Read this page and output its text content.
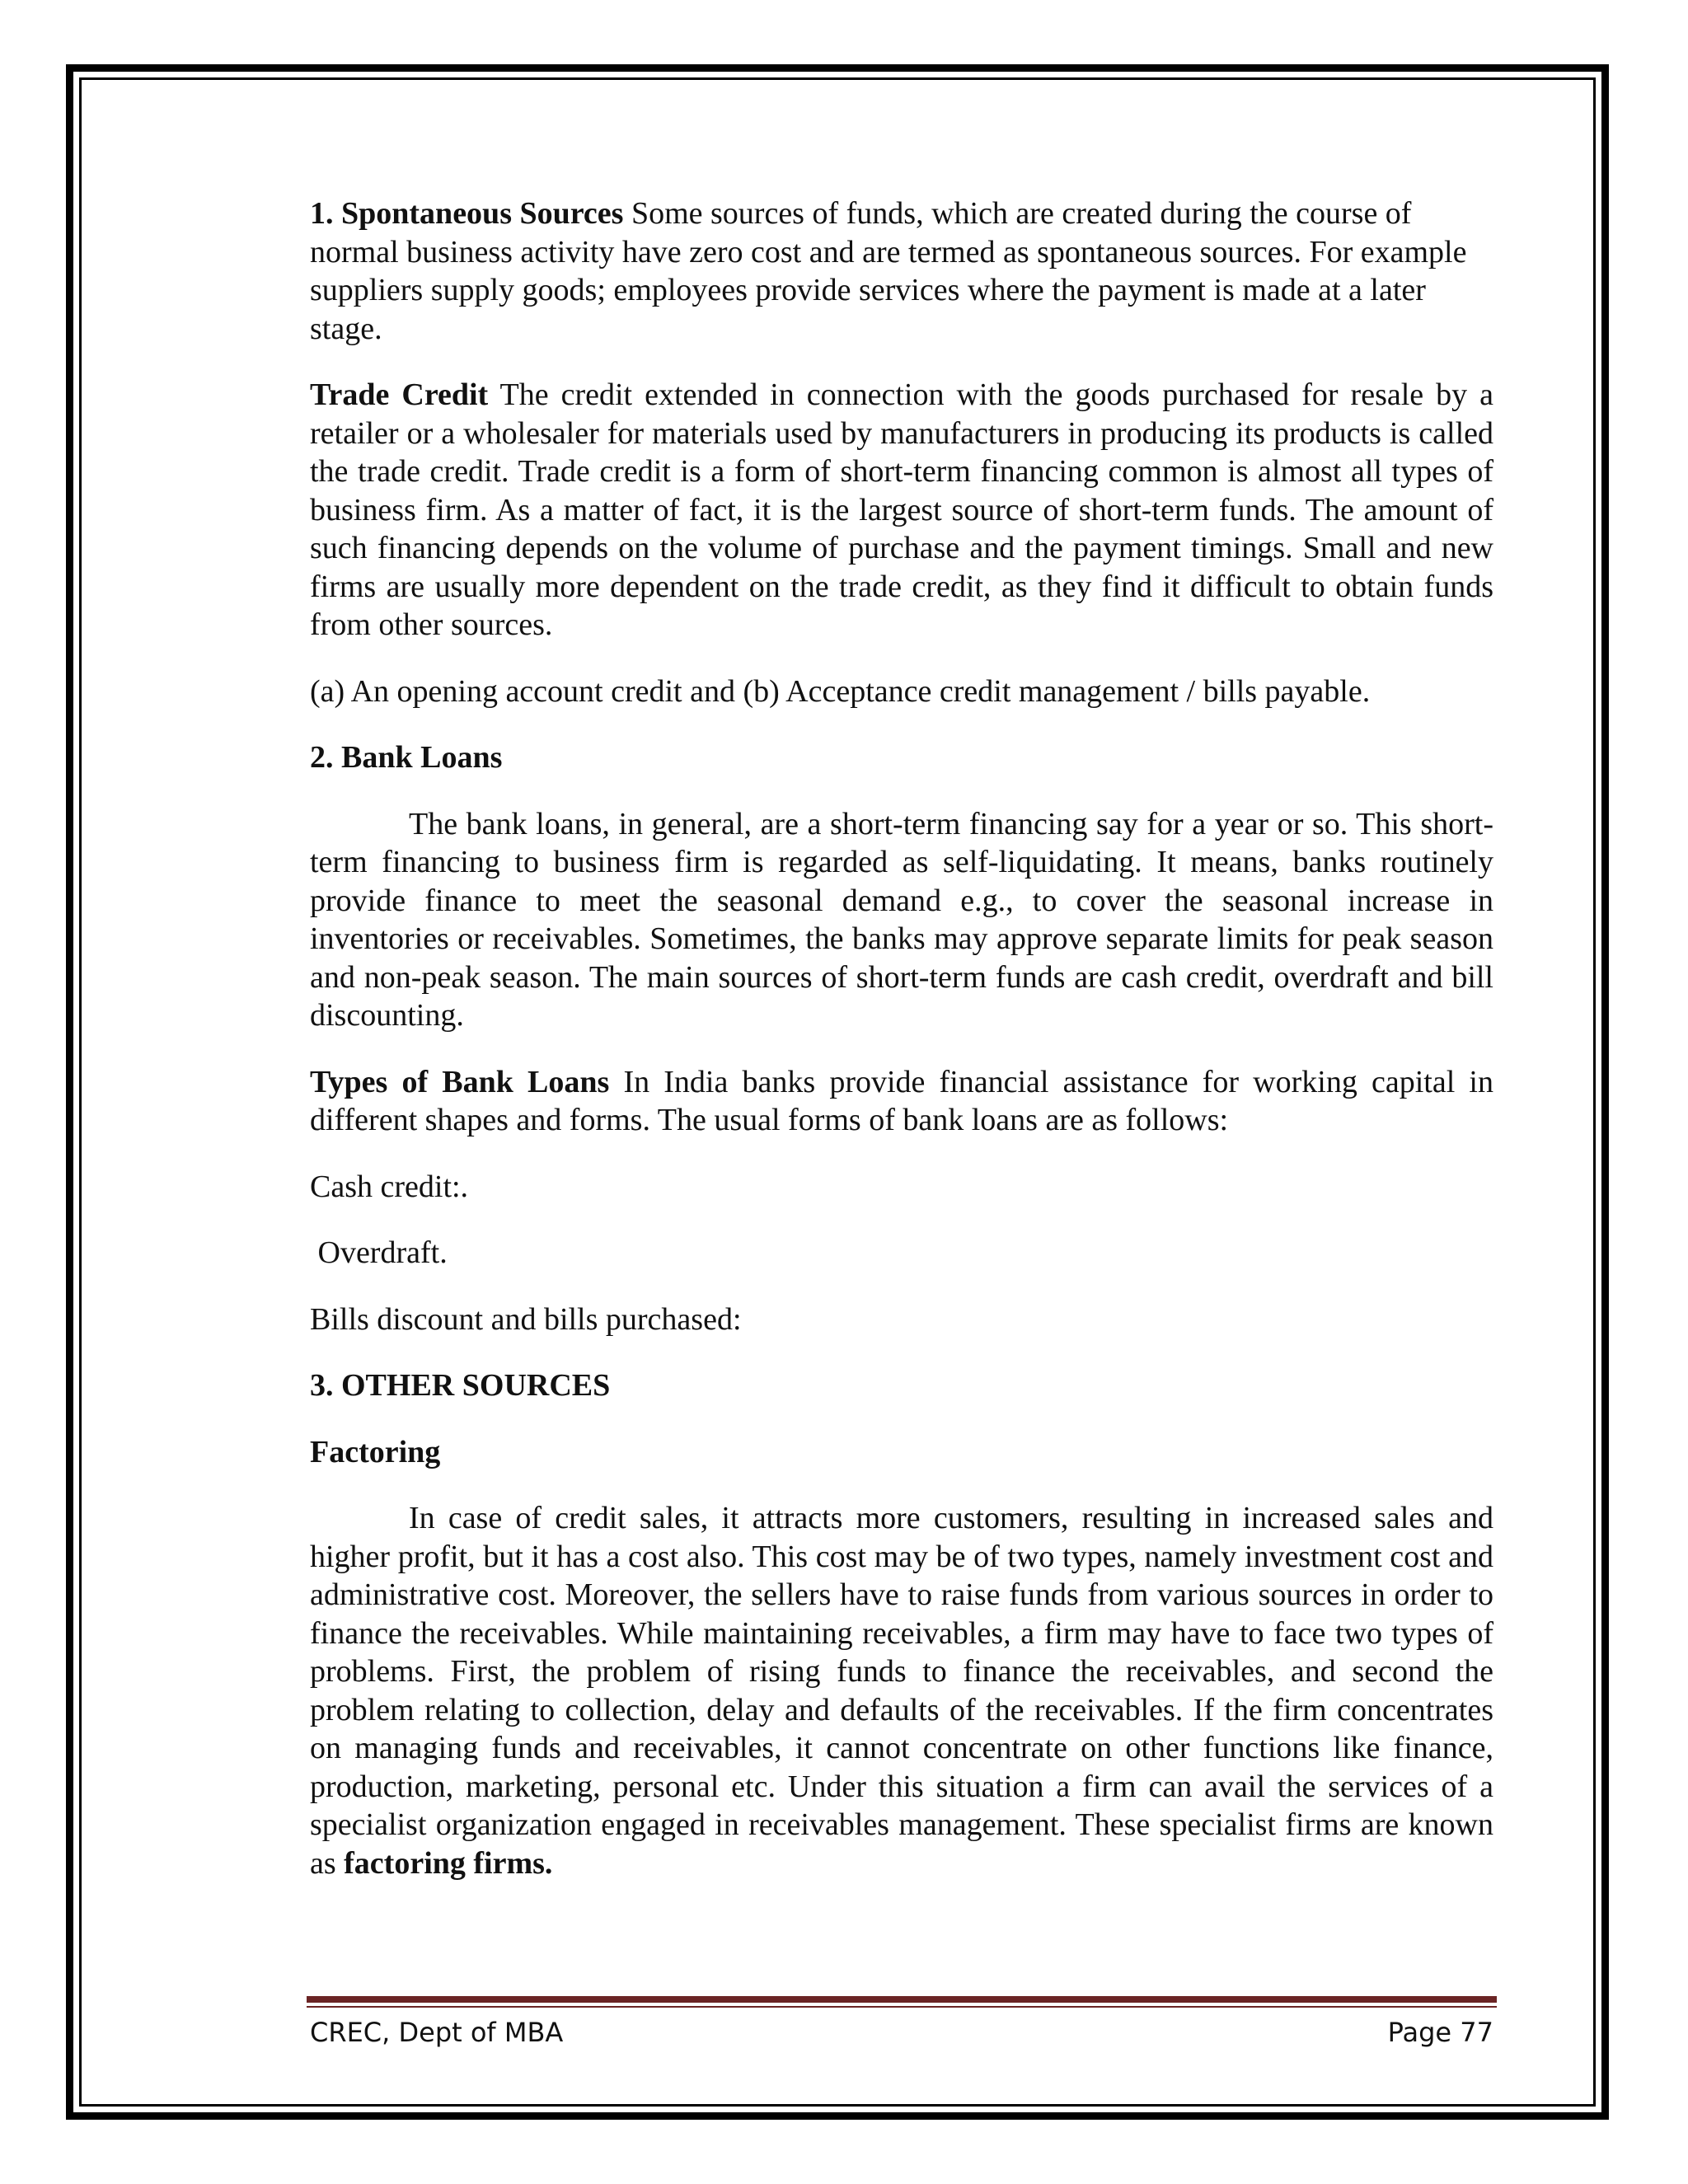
1. Spontaneous Sources Some sources of funds, which are created during the course of normal business activity have zero cost and are termed as spontaneous sources. For example suppliers supply goods; employees provide services where the payment is made at a later stage.

Trade Credit The credit extended in connection with the goods purchased for resale by a retailer or a wholesaler for materials used by manufacturers in producing its products is called the trade credit. Trade credit is a form of short-term financing common is almost all types of business firm. As a matter of fact, it is the largest source of short-term funds. The amount of such financing depends on the volume of purchase and the payment timings. Small and new firms are usually more dependent on the trade credit, as they find it difficult to obtain funds from other sources.

(a) An opening account credit and (b) Acceptance credit management / bills payable.

2. Bank Loans

The bank loans, in general, are a short-term financing say for a year or so. This short-term financing to business firm is regarded as self-liquidating. It means, banks routinely provide finance to meet the seasonal demand e.g., to cover the seasonal increase in inventories or receivables. Sometimes, the banks may approve separate limits for peak season and non-peak season. The main sources of short-term funds are cash credit, overdraft and bill discounting.

Types of Bank Loans In India banks provide financial assistance for working capital in different shapes and forms. The usual forms of bank loans are as follows:

Cash credit:.

Overdraft.

Bills discount and bills purchased:

3. OTHER SOURCES

Factoring

In case of credit sales, it attracts more customers, resulting in increased sales and higher profit, but it has a cost also. This cost may be of two types, namely investment cost and administrative cost. Moreover, the sellers have to raise funds from various sources in order to finance the receivables. While maintaining receivables, a firm may have to face two types of problems. First, the problem of rising funds to finance the receivables, and second the problem relating to collection, delay and defaults of the receivables. If the firm concentrates on managing funds and receivables, it cannot concentrate on other functions like finance, production, marketing, personal etc. Under this situation a firm can avail the services of a specialist organization engaged in receivables management. These specialist firms are known as factoring firms.

CREC, Dept of MBA	Page 77
